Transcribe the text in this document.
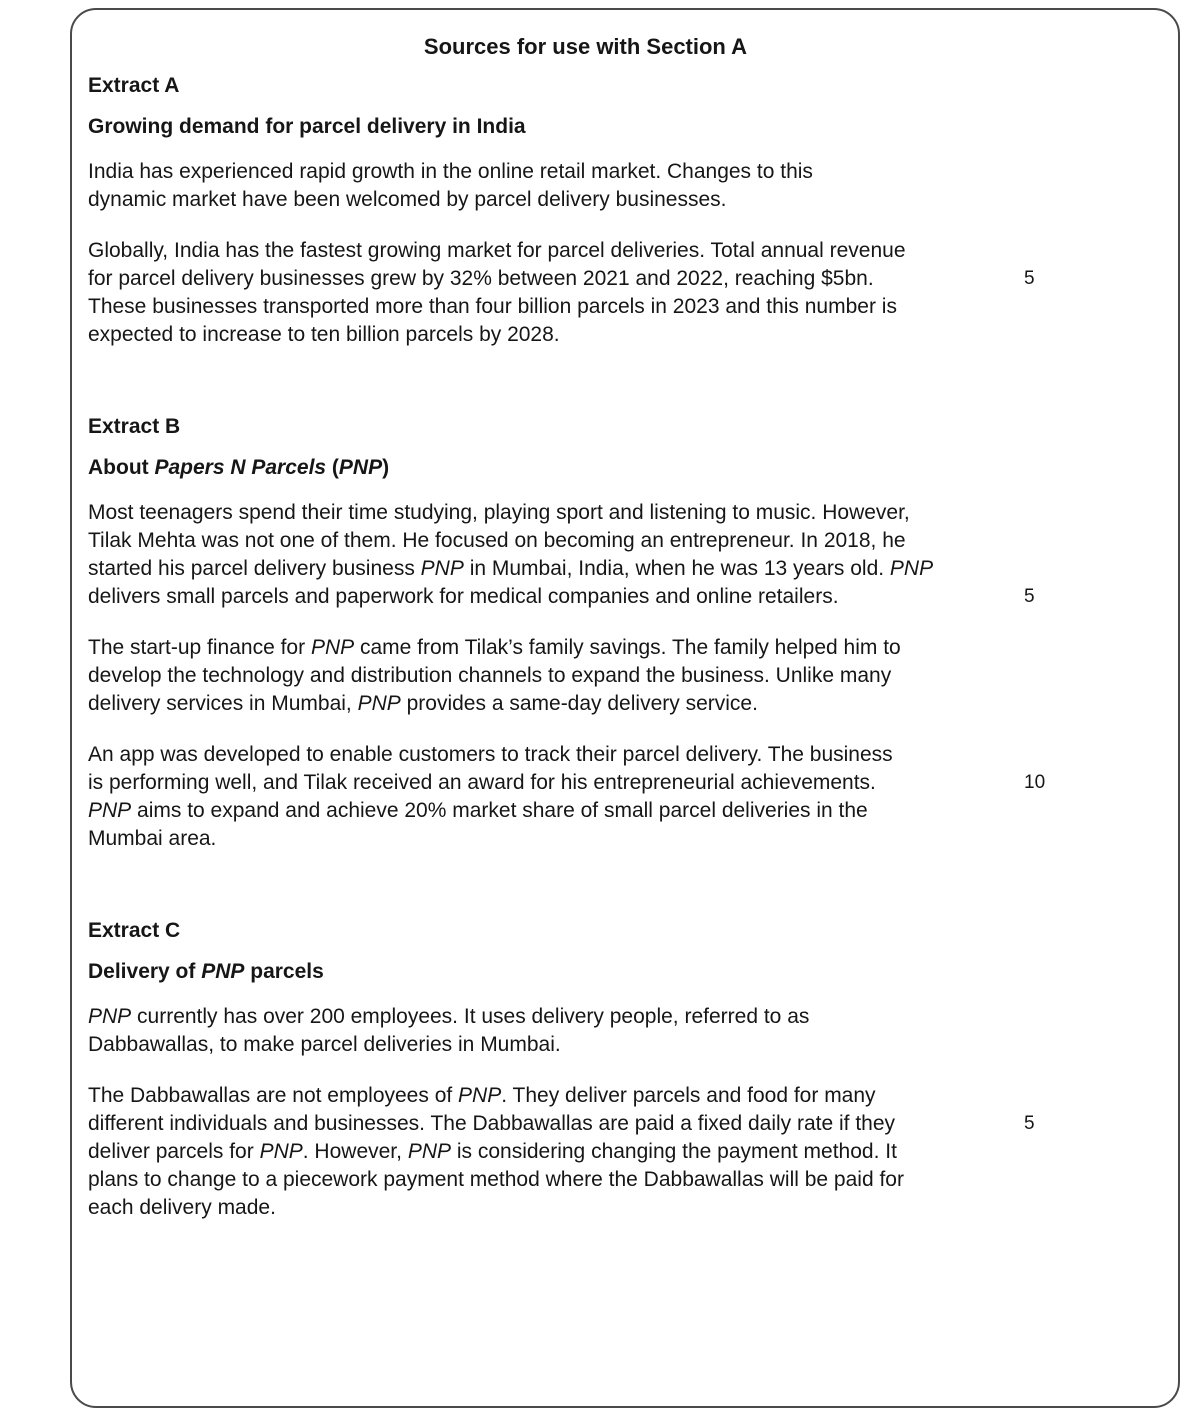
Sources for use with Section A
Extract A
Growing demand for parcel delivery in India
India has experienced rapid growth in the online retail market. Changes to this
dynamic market have been welcomed by parcel delivery businesses.
Globally, India has the fastest growing market for parcel deliveries. Total annual revenue
for parcel delivery businesses grew by 32% between 2021 and 2022, reaching $5bn.
These businesses transported more than four billion parcels in 2023 and this number is
expected to increase to ten billion parcels by 2028.
5
Extract B
About Papers N Parcels (PNP)
Most teenagers spend their time studying, playing sport and listening to music. However,
Tilak Mehta was not one of them. He focused on becoming an entrepreneur. In 2018, he
started his parcel delivery business PNP in Mumbai, India, when he was 13 years old. PNP
delivers small parcels and paperwork for medical companies and online retailers.	5
The start-up finance for PNP came from Tilak’s family savings. The family helped him to
develop the technology and distribution channels to expand the business. Unlike many
delivery services in Mumbai, PNP provides a same-day delivery service.
An app was developed to enable customers to track their parcel delivery. The business
is performing well, and Tilak received an award for his entrepreneurial achievements.
PNP aims to expand and achieve 20% market share of small parcel deliveries in the
Mumbai area.
10
Extract C
Delivery of PNP parcels
PNP currently has over 200 employees. It uses delivery people, referred to as
Dabbawallas, to make parcel deliveries in Mumbai.
The Dabbawallas are not employees of PNP. They deliver parcels and food for many
different individuals and businesses. The Dabbawallas are paid a fixed daily rate if they
deliver parcels for PNP. However, PNP is considering changing the payment method. It
plans to change to a piecework payment method where the Dabbawallas will be paid for
each delivery made.
5
